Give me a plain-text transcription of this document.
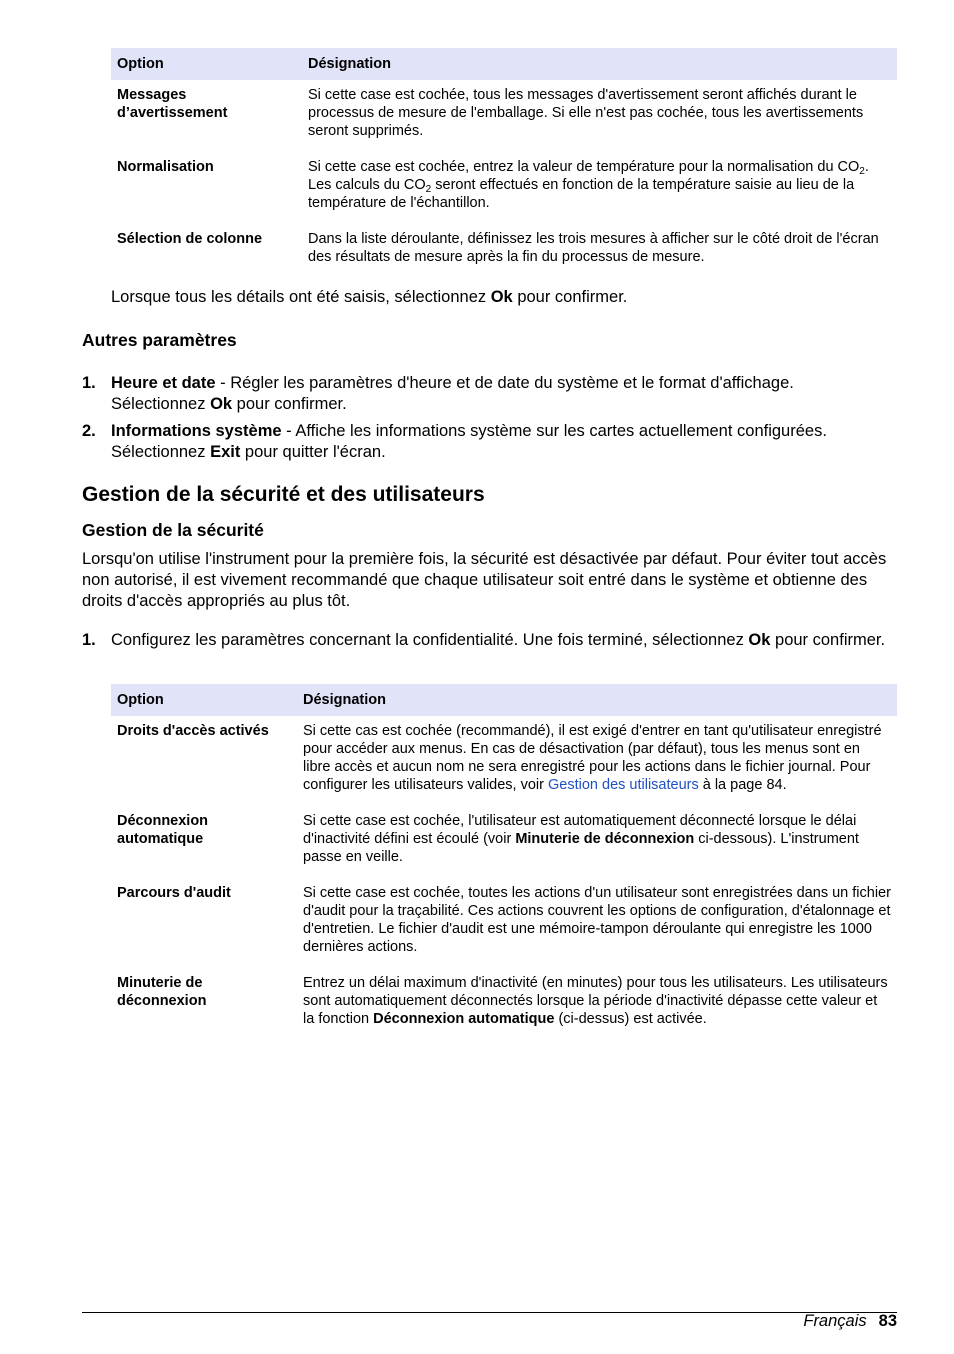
Option	Désignation
Messages d’avertissement	Si cette case est cochée, tous les messages d'avertissement seront affichés durant le processus de mesure de l'emballage. Si elle n'est pas cochée, tous les avertissements seront supprimés.
Normalisation	Si cette case est cochée, entrez la valeur de température pour la normalisation du $CO_2$. Les calculs du $CO_2$ seront effectués en fonction de la température saisie au lieu de la température de l'échantillon.
Sélection de colonne	Dans la liste déroulante, définissez les trois mesures à afficher sur le côté droit de l'écran des résultats de mesure après la fin du processus de mesure.

Lorsque tous les détails ont été saisis, sélectionnez Ok pour confirmer.

Autres paramètres
1. Heure et date - Régler les paramètres d'heure et de date du système et le format d'affichage. Sélectionnez Ok pour confirmer.
2. Informations système - Affiche les informations système sur les cartes actuellement configurées. Sélectionnez Exit pour quitter l'écran.
Gestion de la sécurité et des utilisateurs
Gestion de la sécurité

Lorsqu'on utilise l'instrument pour la première fois, la sécurité est désactivée par défaut. Pour éviter tout accès non autorisé, il est vivement recommandé que chaque utilisateur soit entré dans le système et obtienne des droits d'accès appropriés au plus tôt.

1. Configurez les paramètres concernant la confidentialité. Une fois terminé, sélectionnez Ok pour confirmer.
Option	Désignation
Droits d'accès activés	Si cette cas est cochée (recommandé), il est exigé d'entrer en tant qu'utilisateur enregistré pour accéder aux menus. En cas de désactivation (par défaut), tous les menus sont en libre accès et aucun nom ne sera enregistré pour les actions dans le fichier journal. Pour configurer les utilisateurs valides, voir Gestion des utilisateurs à la page 84.
Déconnexion automatique	Si cette case est cochée, l'utilisateur est automatiquement déconnecté lorsque le délai d'inactivité défini est écoulé (voir Minuterie de déconnexion ci-dessous). L'instrument passe en veille.
Parcours d'audit	Si cette case est cochée, toutes les actions d'un utilisateur sont enregistrées dans un fichier d'audit pour la traçabilité. Ces actions couvrent les options de configuration, d'étalonnage et d'entretien. Le fichier d'audit est une mémoire-tampon déroulante qui enregistre les 1000 dernières actions.
Minuterie de déconnexion	Entrez un délai maximum d'inactivité (en minutes) pour tous les utilisateurs. Les utilisateurs sont automatiquement déconnectés lorsque la période d'inactivité dépasse cette valeur et la fonction Déconnexion automatique (ci-dessus) est activée.
Français 83
